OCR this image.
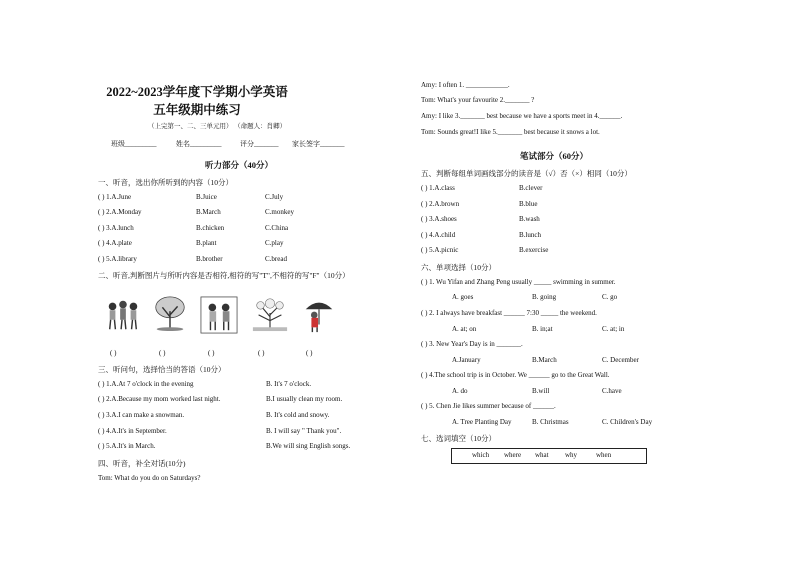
2022~2023学年度下学期小学英语
五年级期中练习
（上完第一、二、三单元用） （命题人：肖卿）
班级_________	姓名_________	评分_______ 家长签字_______
听力部分（40分）
一、听音，选出你所听到的内容（10分）
( ) 1.A.June	B.Juice	C.July
( ) 2.A.Monday	B.March	C.monkey
( ) 3.A.lunch	B.chicken	C.China
( ) 4.A.plate	B.plant	C.play
( ) 5.A.library	B.brother	C.bread
二、听音,判断图片与所听内容是否相符,相符的写"T",不相符的写"F"（10分）
( )	( )	( )	( )	( )
三、听问句，选择恰当的答语（10分）
( ) 1.A.At 7 o'clock in the evening	B. It's 7 o'clock.
( ) 2.A.Because my mom worked last night.	B.I usually clean my room.
( ) 3.A.I can make a snowman.	B. It's cold and snowy.
( ) 4.A.It's in September.	B. I will say " Thank you".
( ) 5.A.It's in March.	B.We will sing English songs.
四、听音，补全对话(10分)
Tom: What do you do on Saturdays?
Amy: I often 1. ____________.
Tom: What's your favourite 2._______ ?
Amy: I like 3._______ best because we have a sports meet in 4.______.
Tom: Sounds great!I like 5._______ best because it snows a lot.
笔试部分（60分）
五、判断每组单词画线部分的读音是（√）否（×）相同（10分）
( ) 1.A.class	B.clever
( ) 2.A.brown	B.blue
( ) 3.A.shoes	B.wash
( ) 4.A.child	B.lunch
( ) 5.A.picnic	B.exercise
六、单项选择（10分）
( ) 1. Wu Yifan and Zhang Peng usually _____ swimming in summer.
A. goes	B. going	C. go
( ) 2. I always have breakfast ______ 7:30 _____ the weekend.
A. at; on	B. in;at	C. at; in
( ) 3. New Year's Day is in _______.
A.January	B.March	C. December
( ) 4.The school trip is in October. We ______ go to the Great Wall.
A. do	B.will	C.have
( ) 5. Chen Jie likes summer because of ______.
A. Tree Planting Day	B. Christmas	C. Children's Day
七、选词填空（10分）
which where what why	when
